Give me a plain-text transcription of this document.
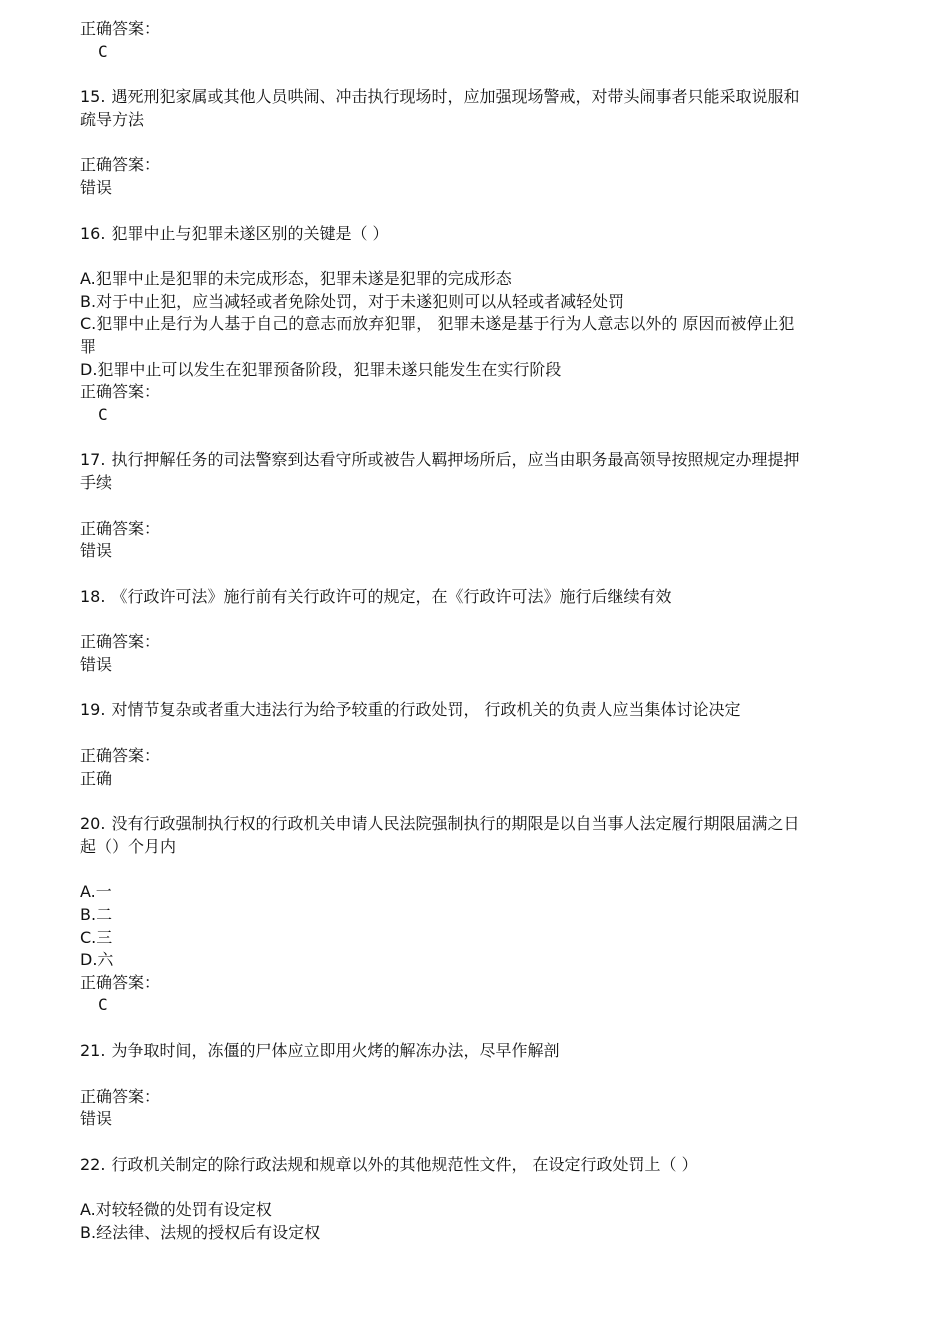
正确答案：

C

15. 遇死刑犯家属或其他人员哄闹、冲击执行现场时，应加强现场警戒，对带头闹事者只能采取说服和

疏导方法

正确答案：

错误

16. 犯罪中止与犯罪未遂区别的关键是（ ）

A.犯罪中止是犯罪的未完成形态，犯罪未遂是犯罪的完成形态

B.对于中止犯，应当减轻或者免除处罚，对于未遂犯则可以从轻或者减轻处罚

C.犯罪中止是行为人基于自己的意志而放弃犯罪， 犯罪未遂是基于行为人意志以外的 原因而被停止犯

罪

D.犯罪中止可以发生在犯罪预备阶段，犯罪未遂只能发生在实行阶段

正确答案：

C

17. 执行押解任务的司法警察到达看守所或被告人羁押场所后，应当由职务最高领导按照规定办理提押

手续

正确答案：

错误

18. 《行政许可法》施行前有关行政许可的规定，在《行政许可法》施行后继续有效

正确答案：

错误

19. 对情节复杂或者重大违法行为给予较重的行政处罚， 行政机关的负责人应当集体讨论决定

正确答案：

正确

20. 没有行政强制执行权的行政机关申请人民法院强制执行的期限是以自当事人法定履行期限届满之日

起（）个月内

A.一

B.二

C.三

D.六

正确答案：

C

21. 为争取时间，冻僵的尸体应立即用火烤的解冻办法，尽早作解剖

正确答案：

错误

22. 行政机关制定的除行政法规和规章以外的其他规范性文件， 在设定行政处罚上（ ）

A.对较轻微的处罚有设定权

B.经法律、法规的授权后有设定权
